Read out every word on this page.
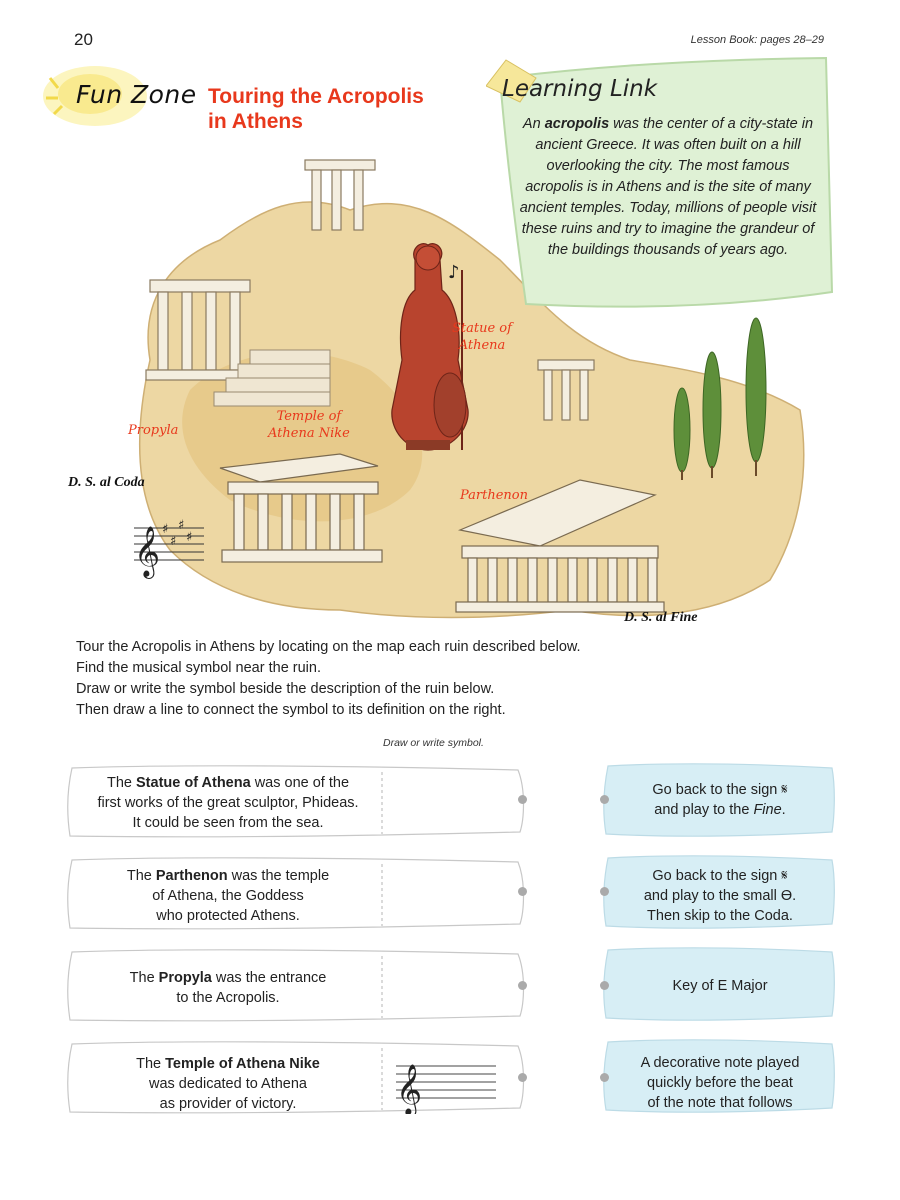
20	Lesson Book: pages 28–29
Fun Zone Touring the Acropolis
in Athens
♪
Learning Link
An acropolis was the center of a city-state in ancient Greece. It was often built on a hill overlooking the city. The most famous acropolis is in Athens and is the site of many ancient temples. Today, millions of people visit these ruins and try to imagine the grandeur of the buildings thousands of years ago.
Statue of
Athena
Temple of
Athena Nike
Propyla
Parthenon
D. S. al Coda
D. S. al Fine
𝄞 ♯
♯
♯
♯
Tour the Acropolis in Athens by locating on the map each ruin described below.
Find the musical symbol near the ruin.
Draw or write the symbol beside the description of the ruin below.
Then draw a line to connect the symbol to its definition on the right.
Draw or write symbol.
The Statue of Athena was one of the
first works of the great sculptor, Phideas.
It could be seen from the sea.
Go back to the sign 𝄋
and play to the Fine.
The Parthenon was the temple
of Athena, the Goddess
who protected Athens.
Go back to the sign 𝄋
and play to the small ϴ.
Then skip to the Coda.
The Propyla was the entrance
to the Acropolis.
Key of E Major
The Temple of Athena Nike
was dedicated to Athena
as provider of victory.	𝄞
A decorative note played
quickly before the beat
of the note that follows
